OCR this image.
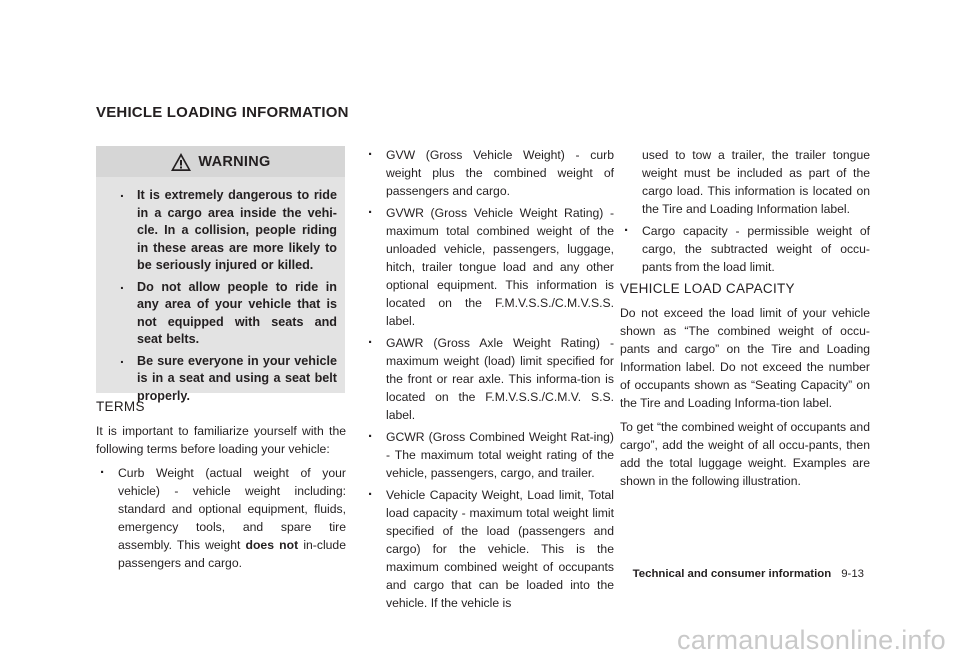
VEHICLE LOADING INFORMATION
WARNING
. It is extremely dangerous to ride in a cargo area inside the vehi-cle. In a collision, people riding in these areas are more likely to be seriously injured or killed.
. Do not allow people to ride in any area of your vehicle that is not equipped with seats and seat belts.
. Be sure everyone in your vehicle is in a seat and using a seat belt properly.
TERMS

It is important to familiarize yourself with the following terms before loading your vehicle:

. Curb Weight (actual weight of your vehicle) - vehicle weight including: standard and optional equipment, fluids, emergency tools, and spare tire assembly. This weight does not in-clude passengers and cargo.
. GVW (Gross Vehicle Weight) - curb weight plus the combined weight of passengers and cargo.
. GVWR (Gross Vehicle Weight Rating) - maximum total combined weight of the unloaded vehicle, passengers, luggage, hitch, trailer tongue load and any other optional equipment. This information is located on the F.M.V.S.S./C.M.V.S.S. label.
. GAWR (Gross Axle Weight Rating) - maximum weight (load) limit specified for the front or rear axle. This informa-tion is located on the F.M.V.S.S./C.M.V. S.S. label.
. GCWR (Gross Combined Weight Rat-ing) - The maximum total weight rating of the vehicle, passengers, cargo, and trailer.
. Vehicle Capacity Weight, Load limit, Total load capacity - maximum total weight limit specified of the load (passengers and cargo) for the vehicle. This is the maximum combined weight of occupants and cargo that can be loaded into the vehicle. If the vehicle is
used to tow a trailer, the trailer tongue weight must be included as part of the cargo load. This information is located on the Tire and Loading Information label.
. Cargo capacity - permissible weight of cargo, the subtracted weight of occu-pants from the load limit.
VEHICLE LOAD CAPACITY

Do not exceed the load limit of your vehicle shown as “The combined weight of occu-pants and cargo” on the Tire and Loading Information label. Do not exceed the number of occupants shown as “Seating Capacity” on the Tire and Loading Informa-tion label.

To get “the combined weight of occupants and cargo”, add the weight of all occu-pants, then add the total luggage weight. Examples are shown in the following illustration.

Technical and consumer information 9-13
carmanualsonline.info
